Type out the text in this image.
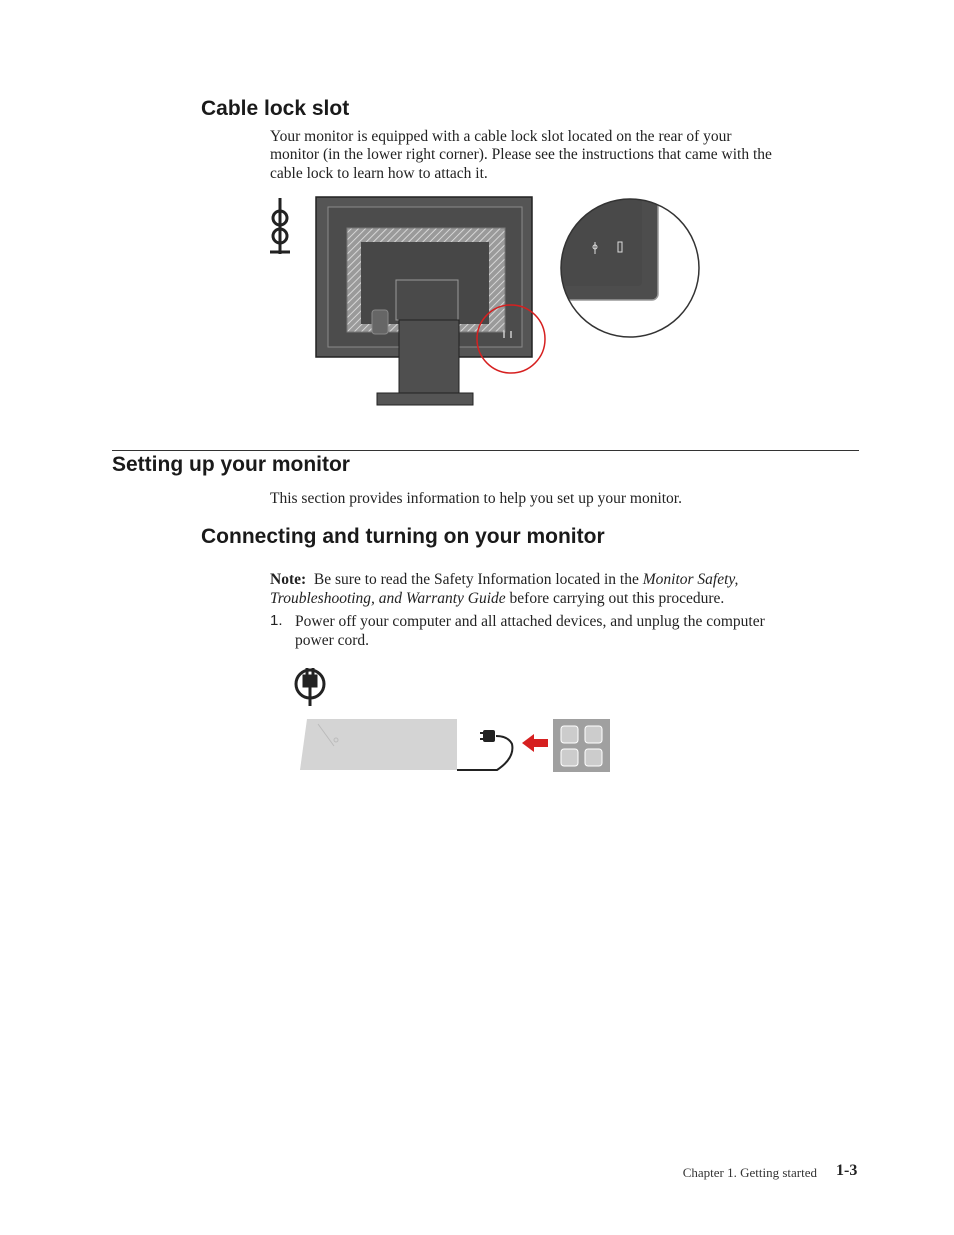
Cable lock slot

Your monitor is equipped with a cable lock slot located on the rear of your

monitor (in the lower right corner). Please see the instructions that came with the

cable lock to learn how to attach it.

Setting up your monitor

This section provides information to help you set up your monitor.

Connecting and turning on your monitor

Note: Be sure to read the Safety Information located in the Monitor Safety,

Troubleshooting, and Warranty Guide before carrying out this procedure.

1. Power off your computer and all attached devices, and unplug the computer

power cord.

Chapter 1. Getting started 1-3
